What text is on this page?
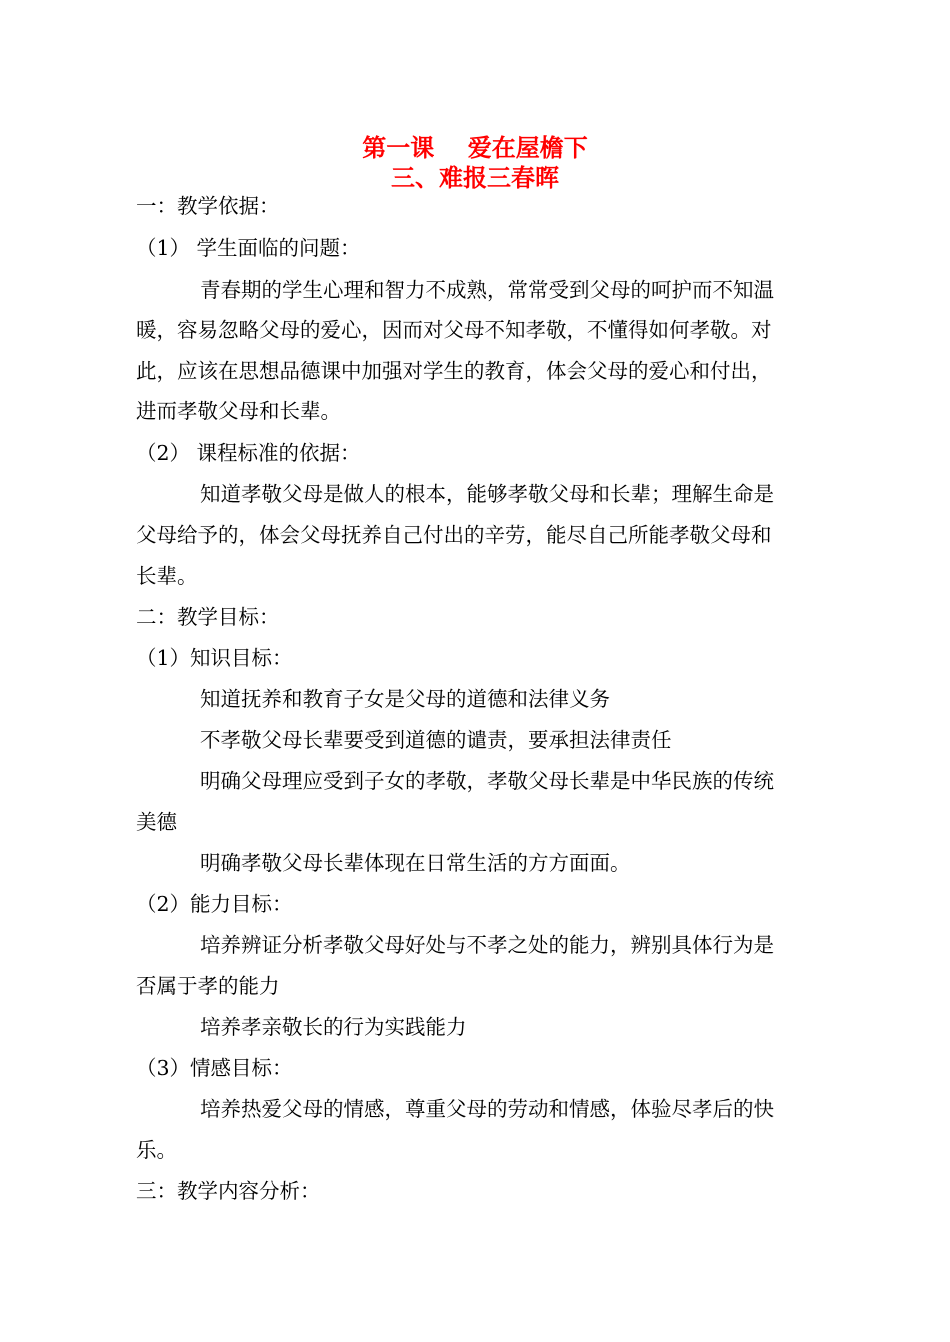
第一课    爱在屋檐下
三、难报三春晖
一：教学依据：
（1） 学生面临的问题：
青春期的学生心理和智力不成熟，常常受到父母的呵护而不知温
暖，容易忽略父母的爱心，因而对父母不知孝敬，不懂得如何孝敬。对
此，应该在思想品德课中加强对学生的教育，体会父母的爱心和付出，
进而孝敬父母和长辈。
（2） 课程标准的依据：
知道孝敬父母是做人的根本，能够孝敬父母和长辈；理解生命是
父母给予的，体会父母抚养自己付出的辛劳，能尽自己所能孝敬父母和
长辈。
二：教学目标：
（1）知识目标：
知道抚养和教育子女是父母的道德和法律义务
不孝敬父母长辈要受到道德的谴责，要承担法律责任
明确父母理应受到子女的孝敬，孝敬父母长辈是中华民族的传统
美德
明确孝敬父母长辈体现在日常生活的方方面面。
（2）能力目标：
培养辨证分析孝敬父母好处与不孝之处的能力，辨别具体行为是
否属于孝的能力
培养孝亲敬长的行为实践能力
（3）情感目标：
培养热爱父母的情感，尊重父母的劳动和情感，体验尽孝后的快
乐。
三：教学内容分析：
